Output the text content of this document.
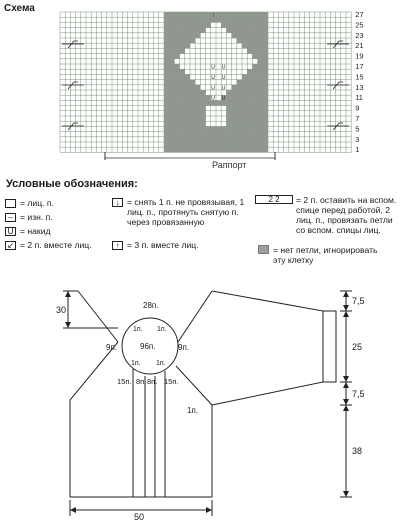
Схема
U U
U U
U U
U U
↑	27
25
23
21
19
17
15
13
11
9
7
5
3
1
Раппорт
Условные обозначения:
= лиц. п.
– = изн. п.
U = накид
↙ = 2 п. вместе лиц.
↓ = снять 1 п. не провязывая, 1 лиц. п., протянуть снятую п. через провязанную
↑ = 3 п. вместе лиц.
2 2	= 2 п. оставить на вспом. спице перед работой, 2 лиц. п., провязать петли со вспом. спицы лиц.
= нет петли, игнорировать эту клетку
28п.
96п.
9п.	9п.
1п. 1п.
1п. 1п.
15п. 8п. 8п. 15п.
1п.
30
7,5
25
7,5
38
50
